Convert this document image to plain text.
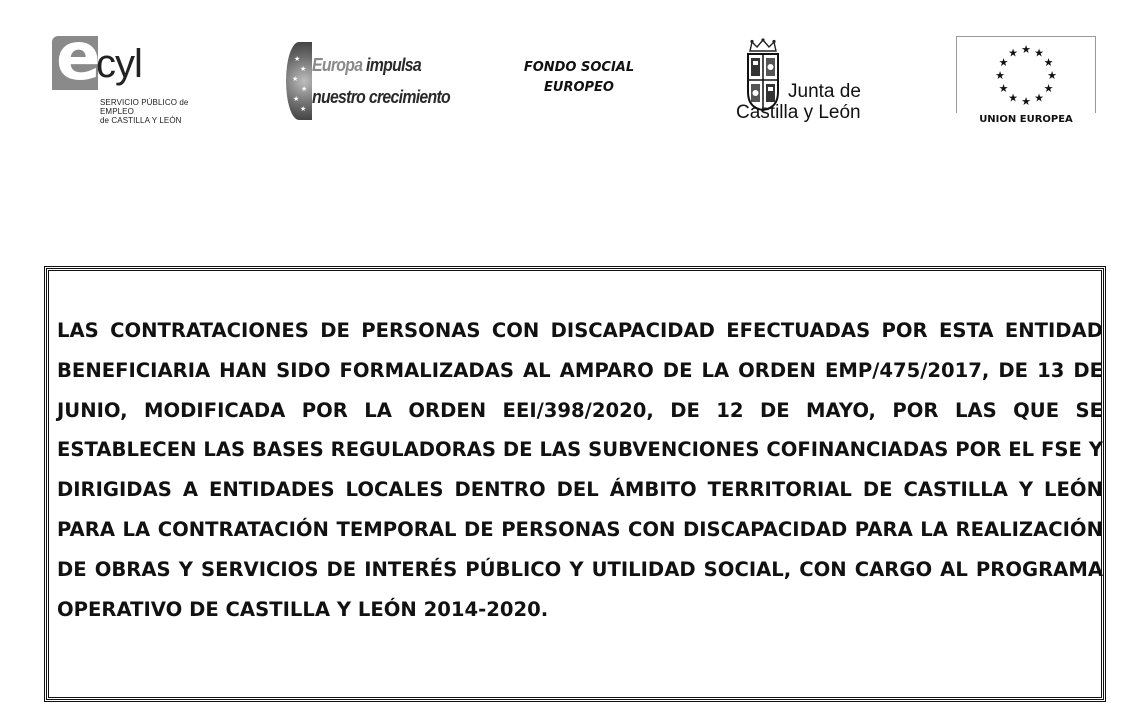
e
cyl
SERVICIO PÚBLICO de EMPLEO
de CASTILLA Y LEÓN
★
★
★
★
★
★
Europa impulsa
nuestro crecimiento
FONDO SOCIAL
EUROPEO	Junta de
Castilla y León
★ ★
★
★
★
★
★
★
★
★
★
★
UNION EUROPEA

LAS CONTRATACIONES DE PERSONAS CON DISCAPACIDAD EFECTUADAS POR ESTA ENTIDAD BENEFICIARIA HAN SIDO FORMALIZADAS AL AMPARO DE LA ORDEN EMP/475/2017, DE 13 DE JUNIO, MODIFICADA POR LA ORDEN EEI/398/2020, DE 12 DE MAYO, POR LAS QUE SE ESTABLECEN LAS BASES REGULADORAS DE LAS SUBVENCIONES COFINANCIADAS POR EL FSE Y DIRIGIDAS A ENTIDADES LOCALES DENTRO DEL ÁMBITO TERRITORIAL DE CASTILLA Y LEÓN PARA LA CONTRATACIÓN TEMPORAL DE PERSONAS CON DISCAPACIDAD PARA LA REALIZACIÓN DE OBRAS Y SERVICIOS DE INTERÉS PÚBLICO Y UTILIDAD SOCIAL, CON CARGO AL PROGRAMA OPERATIVO DE CASTILLA Y LEÓN 2014-2020.
